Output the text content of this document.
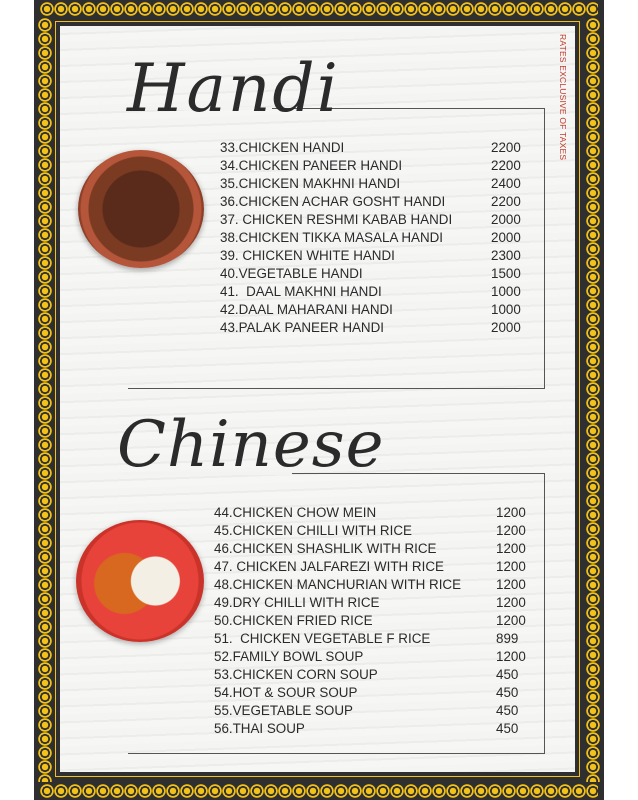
RATES EXCLUSIVE OF TAXES
Handi
33.CHICKEN HANDI	2200
34.CHICKEN PANEER HANDI	2200
35.CHICKEN MAKHNI HANDI	2400
36.CHICKEN ACHAR GOSHT HANDI	2200
37. CHICKEN RESHMI KABAB HANDI	2000
38.CHICKEN TIKKA MASALA HANDI	2000
39. CHICKEN WHITE HANDI	2300
40.VEGETABLE HANDI	1500
41.  DAAL MAKHNI HANDI	1000
42.DAAL MAHARANI HANDI	1000
43.PALAK PANEER HANDI	2000
Chinese
44.CHICKEN CHOW MEIN	1200
45.CHICKEN CHILLI WITH RICE	1200
46.CHICKEN SHASHLIK WITH RICE	1200
47. CHICKEN JALFAREZI WITH RICE	1200
48.CHICKEN MANCHURIAN WITH RICE	1200
49.DRY CHILLI WITH RICE	1200
50.CHICKEN FRIED RICE	1200
51.  CHICKEN VEGETABLE F RICE	899
52.FAMILY BOWL SOUP	1200
53.CHICKEN CORN SOUP	450
54.HOT & SOUR SOUP	450
55.VEGETABLE SOUP	450
56.THAI SOUP	450
